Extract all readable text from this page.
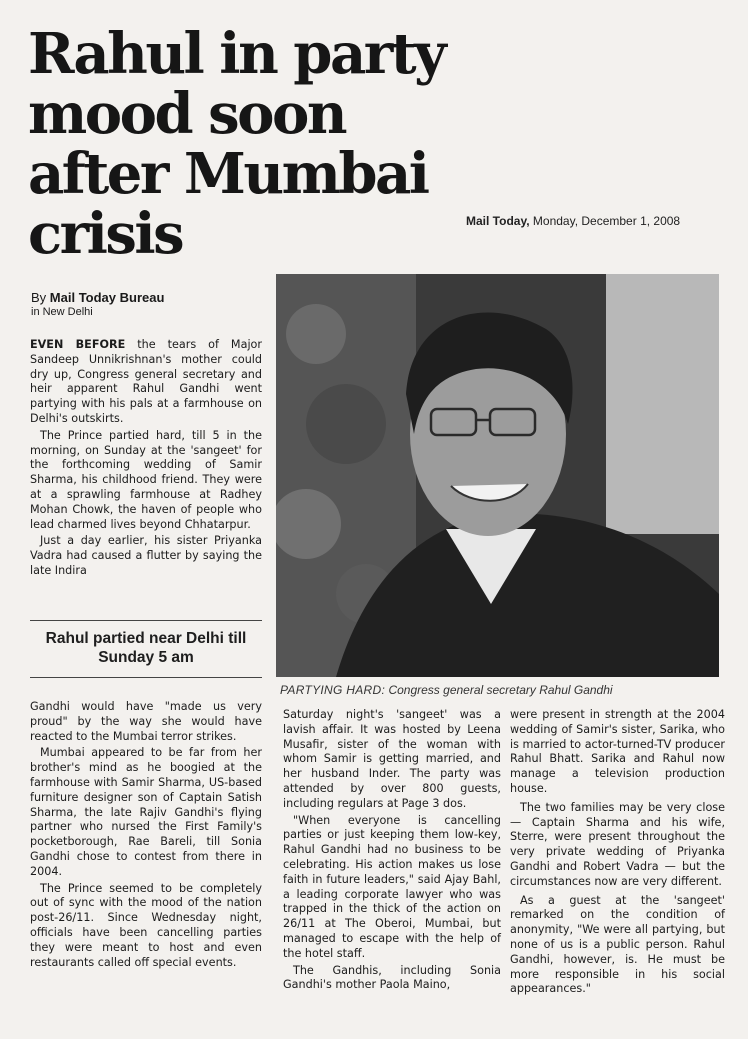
Rahul in party mood soon after Mumbai crisis	Mail Today, Monday, December 1, 2008
By Mail Today Bureau
in New Delhi

EVEN BEFORE the tears of Major Sandeep Unnikrishnan's mother could dry up, Congress general secretary and heir apparent Rahul Gandhi went partying with his pals at a farmhouse on Delhi's outskirts.

The Prince partied hard, till 5 in the morning, on Sunday at the 'sangeet' for the forthcoming wedding of Samir Sharma, his childhood friend. They were at a sprawling farmhouse at Radhey Mohan Chowk, the haven of people who lead charmed lives beyond Chhatarpur.

Just a day earlier, his sister Priyanka Vadra had caused a flutter by saying the late Indira

Rahul partied near Delhi till Sunday 5 am

Gandhi would have "made us very proud" by the way she would have reacted to the Mumbai terror strikes.

Mumbai appeared to be far from her brother's mind as he boogied at the farmhouse with Samir Sharma, US-based furniture designer son of Captain Satish Sharma, the late Rajiv Gandhi's flying partner who nursed the First Family's pocketborough, Rae Bareli, till Sonia Gandhi chose to contest from there in 2004.

The Prince seemed to be completely out of sync with the mood of the nation post-26/11. Since Wednesday night, officials have been cancelling parties they were meant to host and even restaurants called off special events.

PARTYING HARD: Congress general secretary Rahul Gandhi

Saturday night's 'sangeet' was a lavish affair. It was hosted by Leena Musafir, sister of the woman with whom Samir is getting married, and her husband Inder. The party was attended by over 800 guests, including regulars at Page 3 dos.

"When everyone is cancelling parties or just keeping them low-key, Rahul Gandhi had no business to be celebrating. His action makes us lose faith in future leaders," said Ajay Bahl, a leading corporate lawyer who was trapped in the thick of the action on 26/11 at The Oberoi, Mumbai, but managed to escape with the help of the hotel staff.

The Gandhis, including Sonia Gandhi's mother Paola Maino,

were present in strength at the 2004 wedding of Samir's sister, Sarika, who is married to actor-turned-TV producer Rahul Bhatt. Sarika and Rahul now manage a television production house.

The two families may be very close — Captain Sharma and his wife, Sterre, were present throughout the very private wedding of Priyanka Gandhi and Robert Vadra — but the circumstances now are very different.

As a guest at the 'sangeet' remarked on the condition of anonymity, "We were all partying, but none of us is a public person. Rahul Gandhi, however, is. He must be more responsible in his social appearances."
